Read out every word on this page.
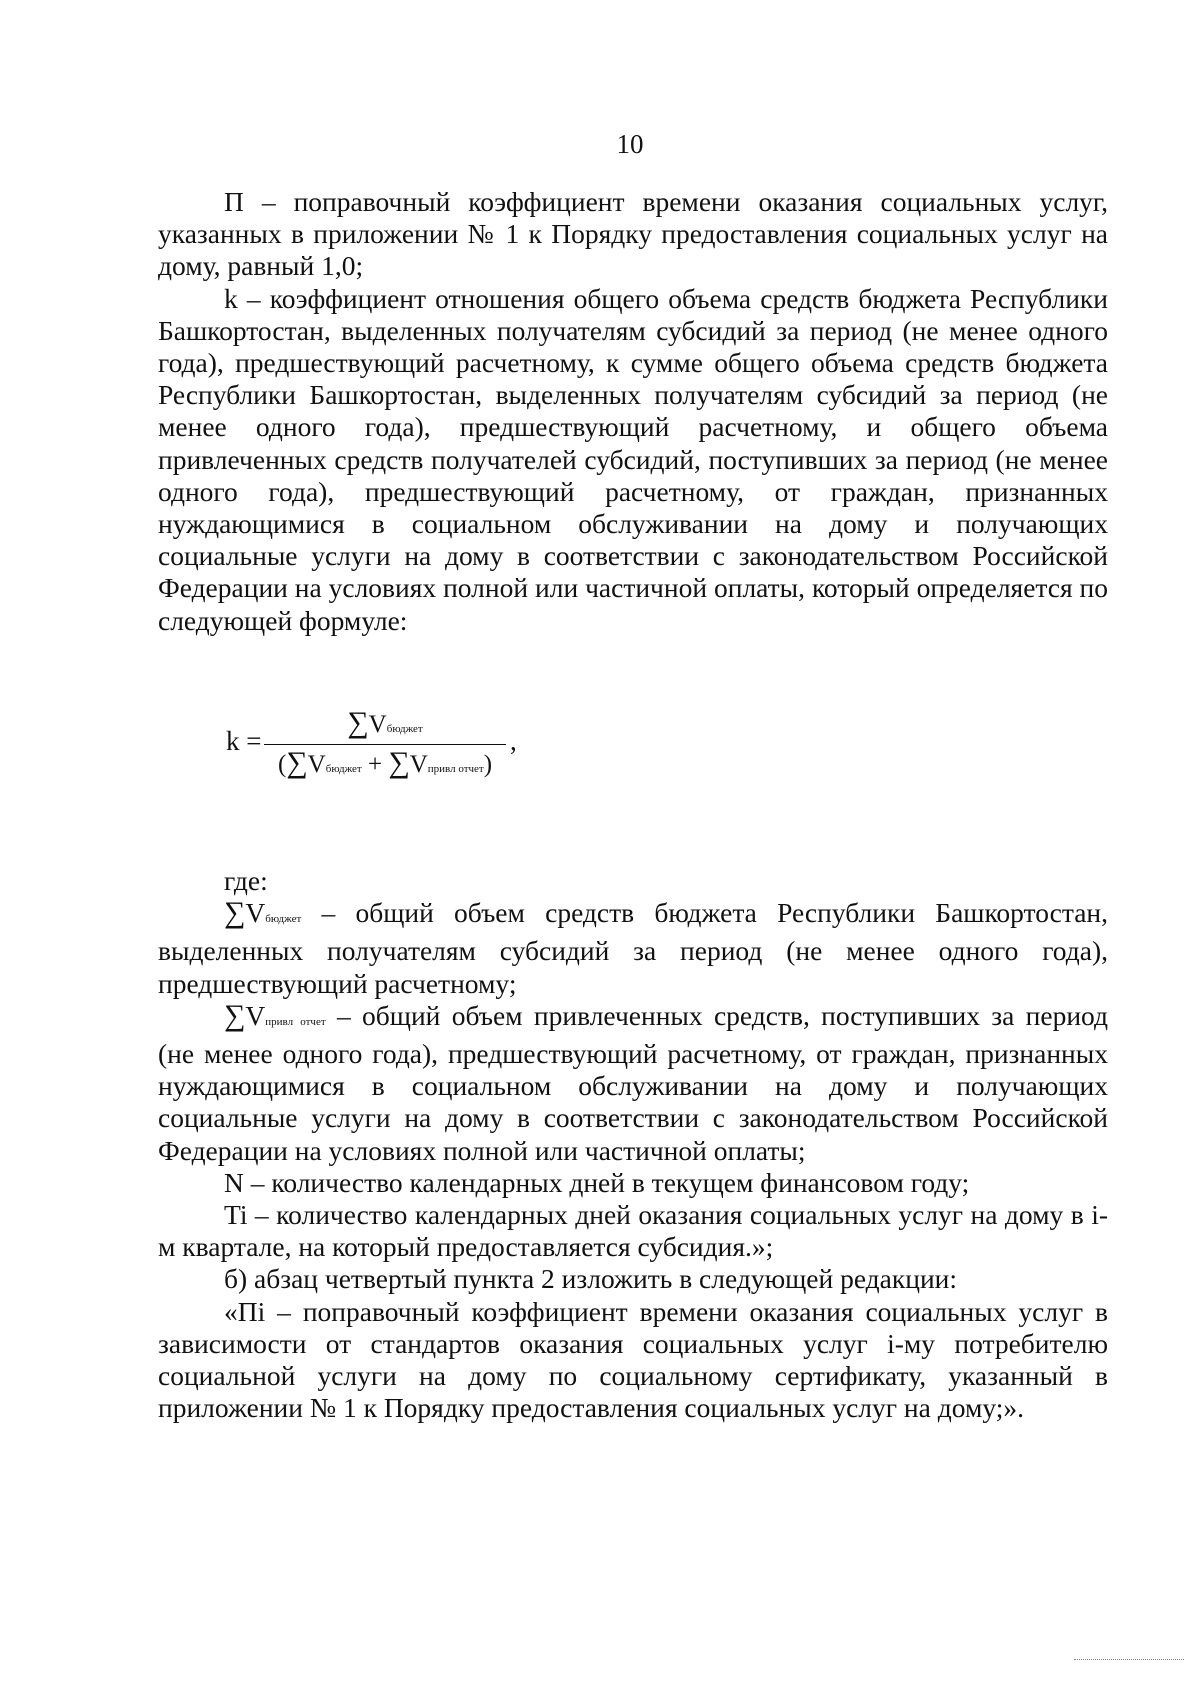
10

П – поправочный коэффициент времени оказания социальных услуг, указанных в приложении № 1 к Порядку предоставления социальных услуг на дому, равный 1,0;

k – коэффициент отношения общего объема средств бюджета Республики Башкортостан, выделенных получателям субсидий за период (не менее одного года), предшествующий расчетному, к сумме общего объема средств бюджета Республики Башкортостан, выделенных получателям субсидий за период (не менее одного года), предшествующий расчетному, и общего объема привлеченных средств получателей субсидий, поступивших за период (не менее одного года), предшествующий расчетному, от граждан, признанных нуждающимися в социальном обслуживании на дому и получающих социальные услуги на дому в соответствии с законодательством Российской Федерации на условиях полной или частичной оплаты, который определяется по следующей формуле:

k =
∑Vбюджет
(∑Vбюджет + ∑Vпривл отчет)
,

где:

∑Vбюджет – общий объем средств бюджета Республики Башкортостан, выделенных получателям субсидий за период (не менее одного года), предшествующий расчетному;

∑Vпривл отчет – общий объем привлеченных средств, поступивших за период (не менее одного года), предшествующий расчетному, от граждан, признанных нуждающимися в социальном обслуживании на дому и получающих социальные услуги на дому в соответствии с законодательством Российской Федерации на условиях полной или частичной оплаты;

N – количество календарных дней в текущем финансовом году;

Ti – количество календарных дней оказания социальных услуг на дому в i-м квартале, на который предоставляется субсидия.»;

б) абзац четвертый пункта 2 изложить в следующей редакции:

«Пi – поправочный коэффициент времени оказания социальных услуг в зависимости от стандартов оказания социальных услуг i-му потребителю социальной услуги на дому по социальному сертификату, указанный в приложении № 1 к Порядку предоставления социальных услуг на дому;».
